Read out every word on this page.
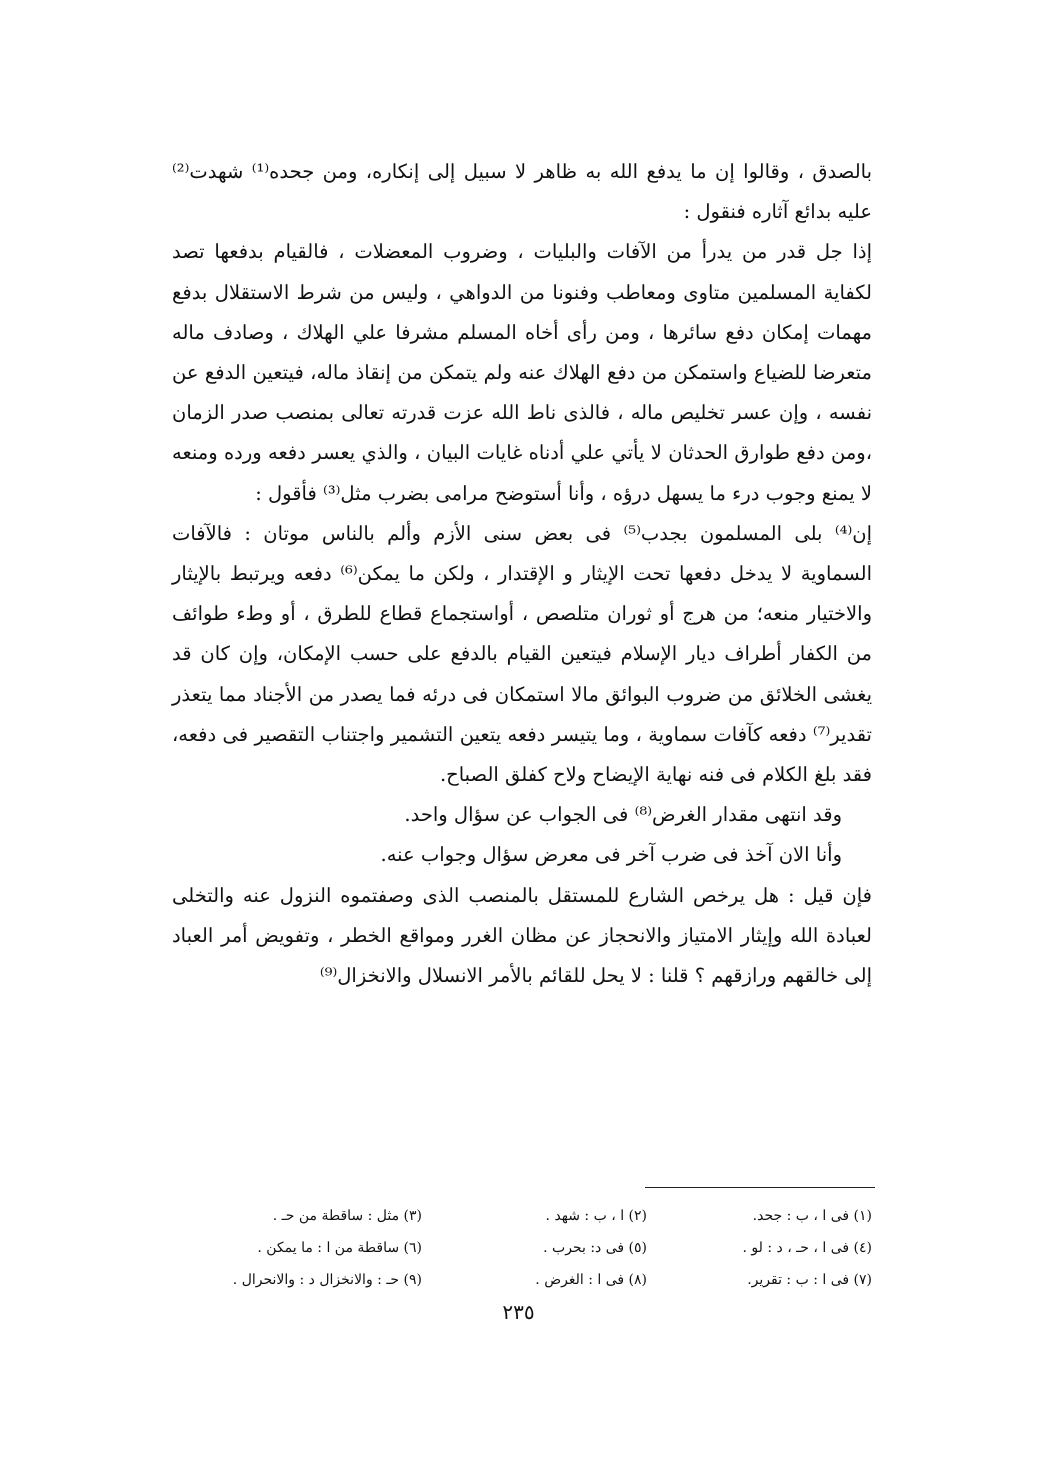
بالصدق ، وقالوا إن ما يدفع الله به ظاهر لا سبيل إلى إنكاره، ومن جحده⁽¹⁾ شهدت⁽²⁾ عليه بدائع آثاره فنقول :

إذا جل قدر من يدرأ من الآفات والبليات ، وضروب المعضلات ، فالقيام بدفعها تصد لكفاية المسلمين متاوى ومعاطب وفنونا من الدواهي ، وليس من شرط الاستقلال بدفع مهمات إمكان دفع سائرها ، ومن رأى أخاه المسلم مشرفا علي الهلاك ، وصادف ماله متعرضا للضياع واستمكن من دفع الهلاك عنه ولم يتمكن من إنقاذ ماله، فيتعين الدفع عن نفسه ، وإن عسر تخليص ماله ، فالذى ناط الله عزت قدرته تعالى بمنصب صدر الزمان ،ومن دفع طوارق الحدثان لا يأتي علي أدناه غايات البيان ، والذي يعسر دفعه ورده ومنعه لا يمنع وجوب درء ما يسهل درؤه ، وأنا أستوضح مرامى بضرب مثل⁽³⁾ فأقول :

إن⁽⁴⁾ بلى المسلمون بجدب⁽⁵⁾ فى بعض سنى الأزم وألم بالناس موتان : فالآفات السماوية لا يدخل دفعها تحت الإيثار و الإقتدار ، ولكن ما يمكن⁽⁶⁾ دفعه ويرتبط بالإيثار والاختيار منعه؛ من هرج أو ثوران متلصص ، أواستجماع قطاع للطرق ، أو وطء طوائف من الكفار أطراف ديار الإسلام فيتعين القيام بالدفع على حسب الإمكان، وإن كان قد يغشى الخلائق من ضروب البوائق مالا استمكان فى درئه فما يصدر من الأجناد مما يتعذر تقدير⁽⁷⁾ دفعه كآفات سماوية ، وما يتيسر دفعه يتعين التشمير واجتناب التقصير فى دفعه، فقد بلغ الكلام فى فنه نهاية الإيضاح ولاح كفلق الصباح.

وقد انتهى مقدار الغرض⁽⁸⁾ فى الجواب عن سؤال واحد.

وأنا الان آخذ فى ضرب آخر فى معرض سؤال وجواب عنه.

فإن قيل : هل يرخص الشارع للمستقل بالمنصب الذى وصفتموه النزول عنه والتخلى لعبادة الله وإيثار الامتياز والانحجاز عن مظان الغرر ومواقع الخطر ، وتفويض أمر العباد إلى خالقهم ورازقهم ؟ قلنا : لا يحل للقائم بالأمر الانسلال والانخزال⁽⁹⁾

(١) فى ا ، ب : جحد.
(٢) ا ، ب : شهد .
(٣) مثل : ساقطة من حـ .
(٤) فى ا ، حـ ، د : لو .
(٥) فى د: بحرب .
(٦) ساقطة من ا : ما يمكن .
(٧) فى ا : ب : تقرير.
(٨) فى ا : الغرض .
(٩) حـ : والانخزال د : والانحرال .
٢٣٥
